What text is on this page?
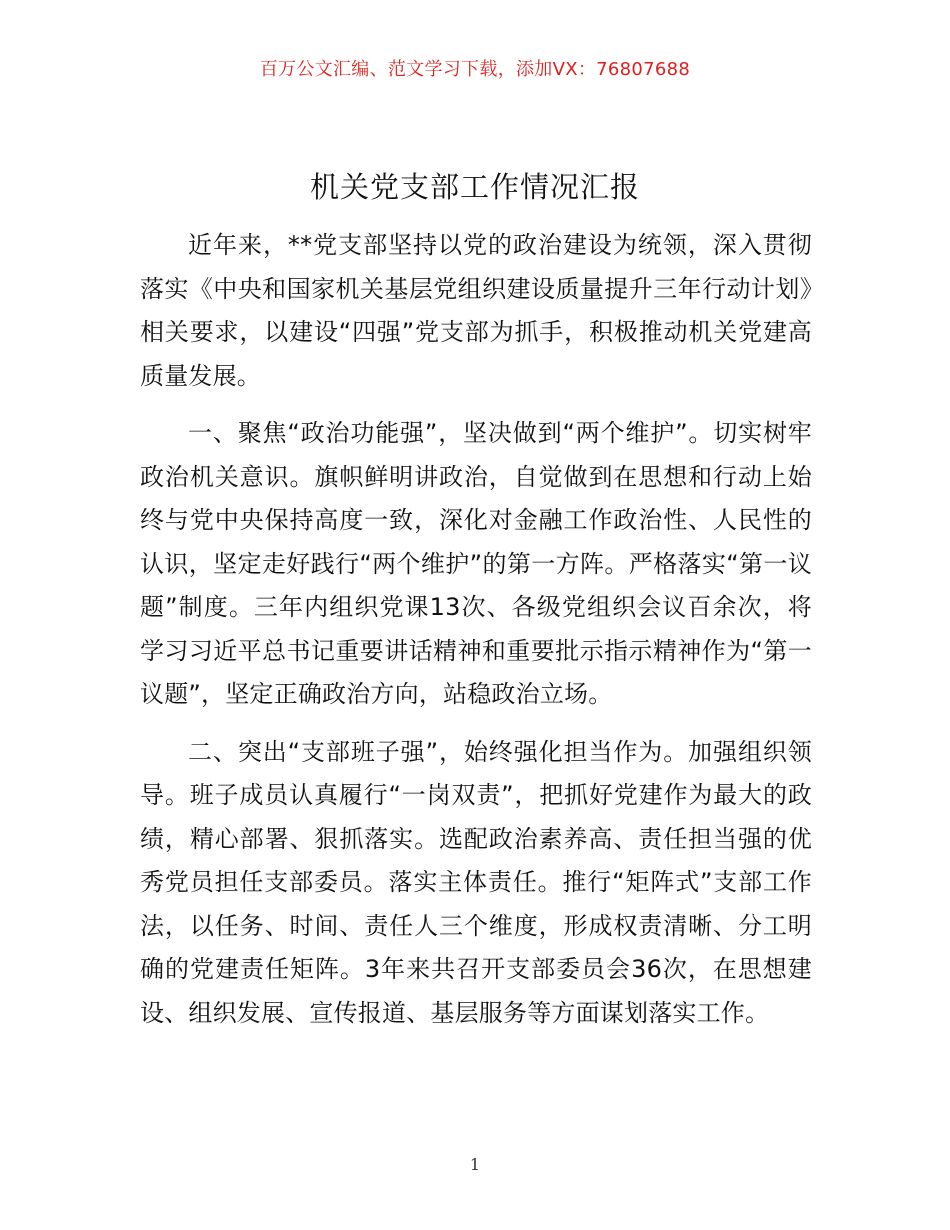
百万公文汇编、范文学习下载，添加VX：76807688
机关党支部工作情况汇报

近年来，**党支部坚持以党的政治建设为统领，深入贯彻落实《中央和国家机关基层党组织建设质量提升三年行动计划》相关要求，以建设“四强”党支部为抓手，积极推动机关党建高质量发展。

一、聚焦“政治功能强”，坚决做到“两个维护”。切实树牢政治机关意识。旗帜鲜明讲政治，自觉做到在思想和行动上始终与党中央保持高度一致，深化对金融工作政治性、人民性的认识，坚定走好践行“两个维护”的第一方阵。严格落实“第一议题”制度。三年内组织党课13次、各级党组织会议百余次，将学习习近平总书记重要讲话精神和重要批示指示精神作为“第一议题”，坚定正确政治方向，站稳政治立场。

二、突出“支部班子强”，始终强化担当作为。加强组织领导。班子成员认真履行“一岗双责”，把抓好党建作为最大的政绩，精心部署、狠抓落实。选配政治素养高、责任担当强的优秀党员担任支部委员。落实主体责任。推行“矩阵式”支部工作法，以任务、时间、责任人三个维度，形成权责清晰、分工明确的党建责任矩阵。3年来共召开支部委员会36次，在思想建设、组织发展、宣传报道、基层服务等方面谋划落实工作。

1
